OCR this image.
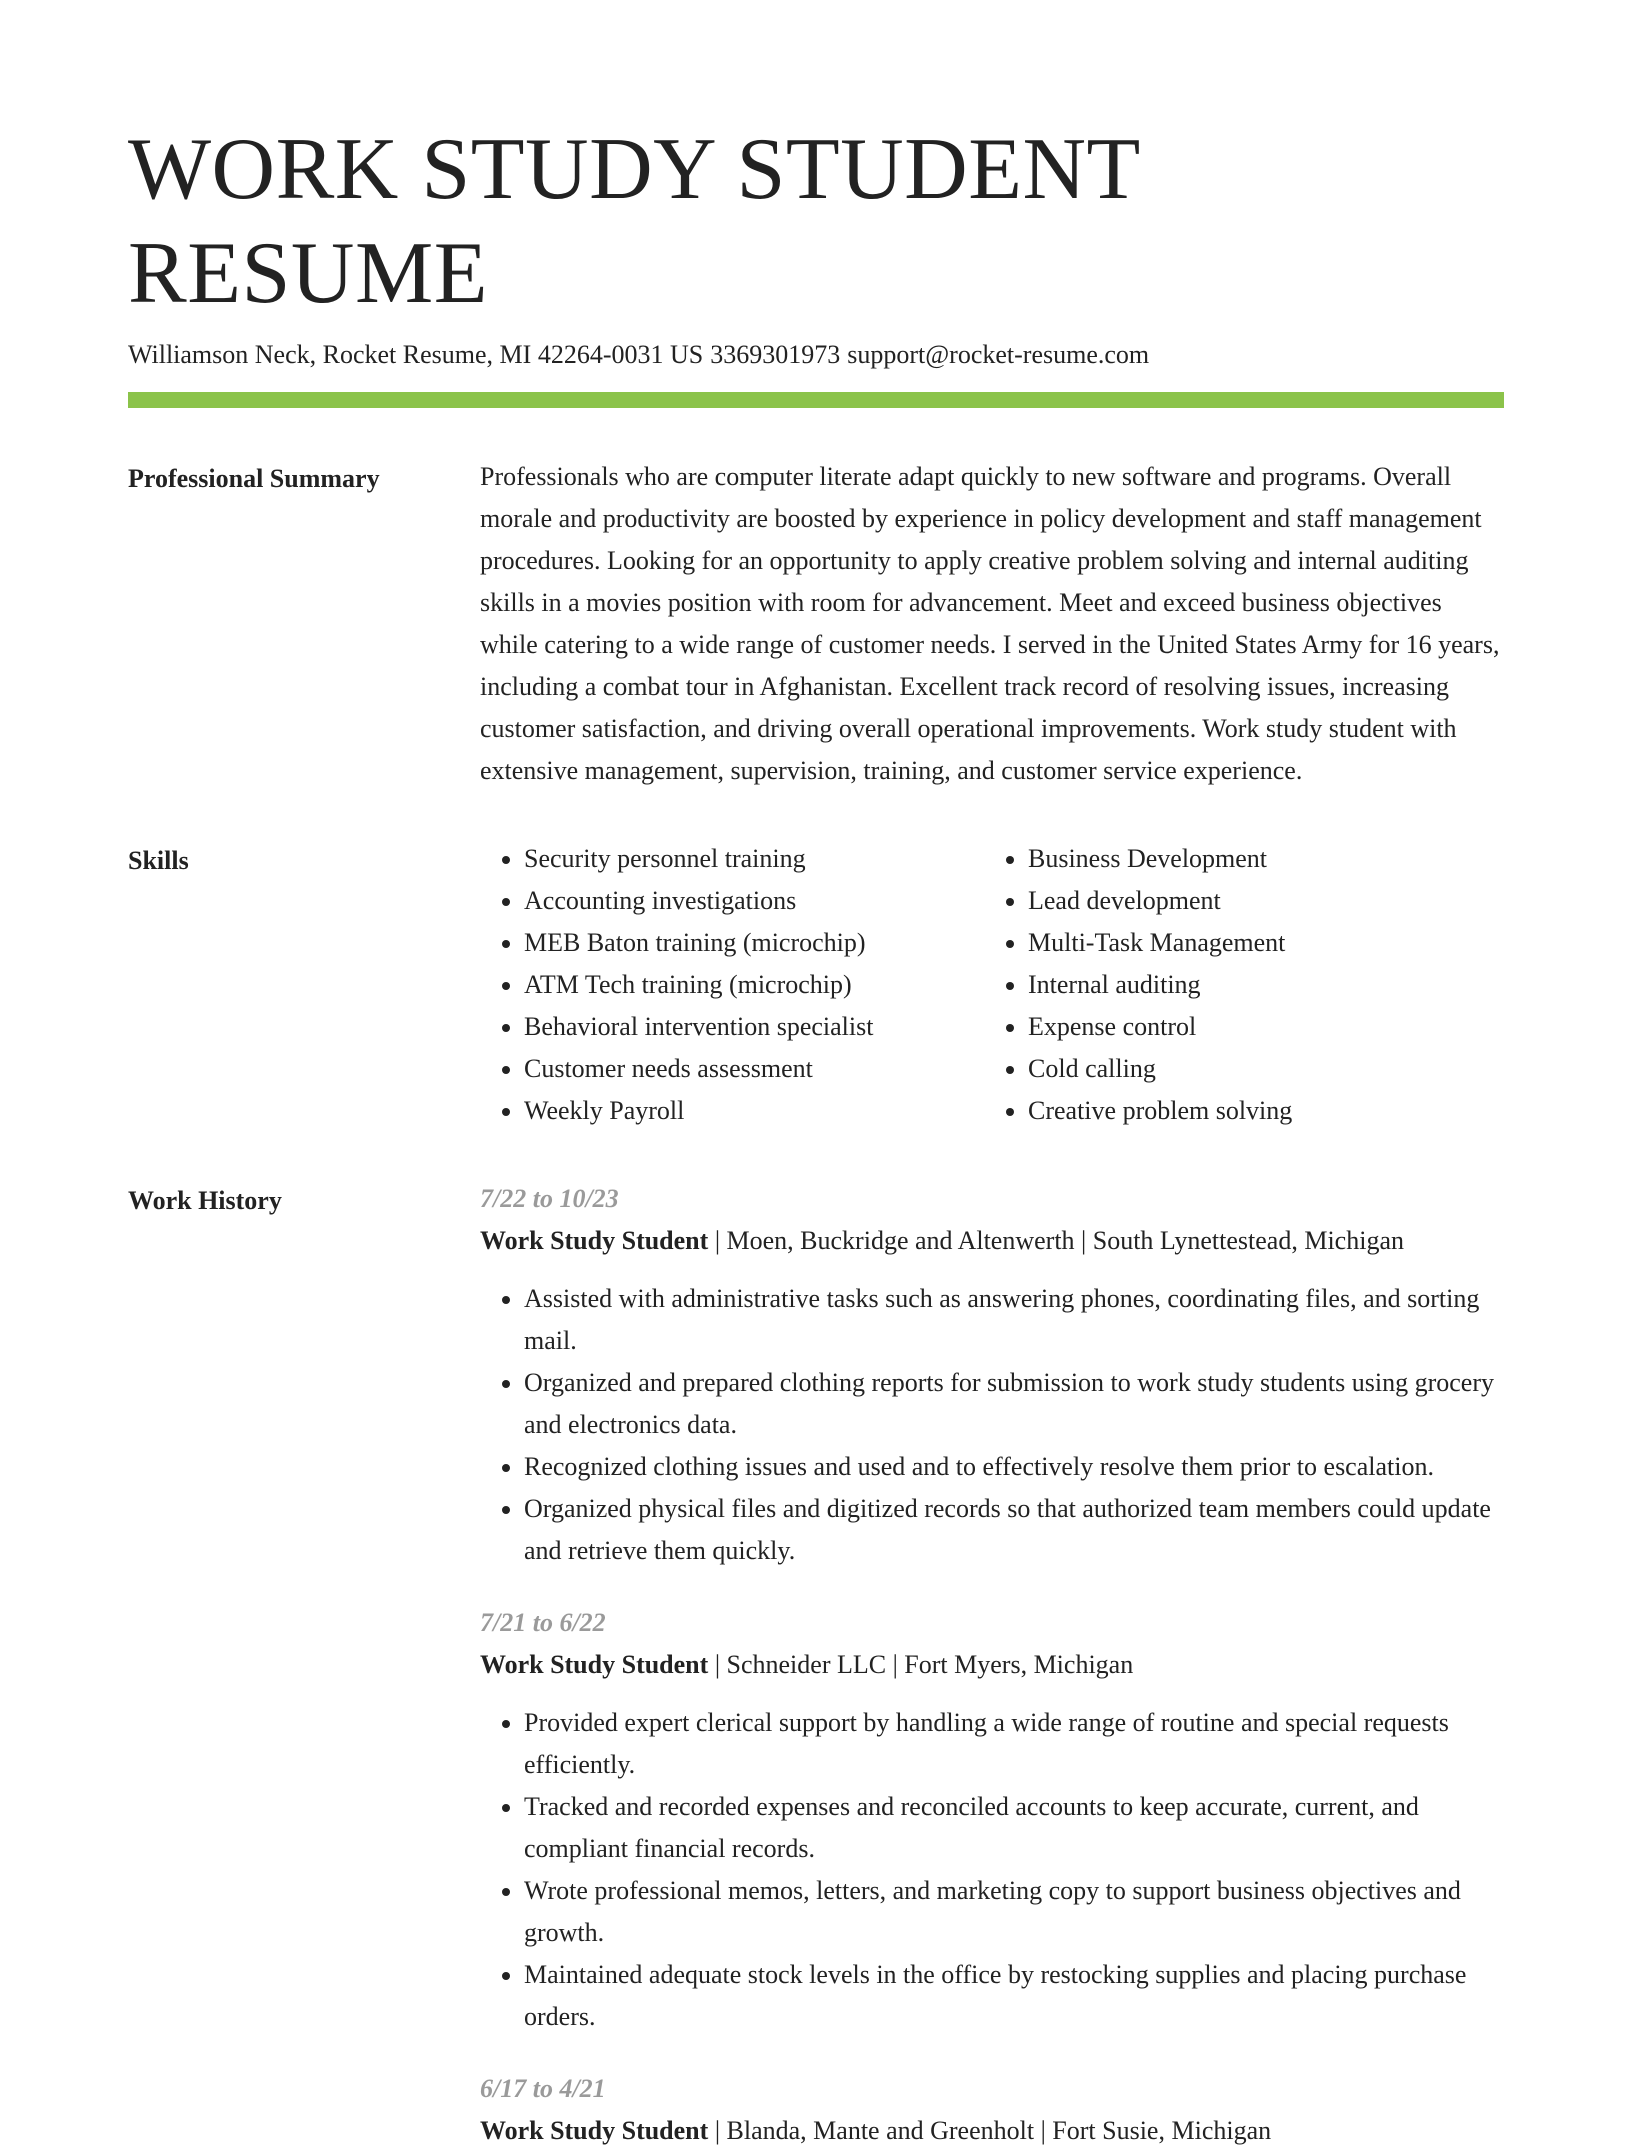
WORK STUDY STUDENT RESUME
Williamson Neck, Rocket Resume, MI 42264-0031 US 3369301973 support@rocket-resume.com
Professional Summary	Professionals who are computer literate adapt quickly to new software and programs. Overall morale and productivity are boosted by experience in policy development and staff management procedures. Looking for an opportunity to apply creative problem solving and internal auditing skills in a movies position with room for advancement. Meet and exceed business objectives while catering to a wide range of customer needs. I served in the United States Army for 16 years, including a combat tour in Afghanistan. Excellent track record of resolving issues, increasing customer satisfaction, and driving overall operational improvements. Work study student with extensive management, supervision, training, and customer service experience.

Skills
•	Security personnel training
• Accounting investigations
• MEB Baton training (microchip)
• ATM Tech training (microchip)
• Behavioral intervention specialist
• Customer needs assessment
• Weekly Payroll
• Business Development
• Lead development
• Multi-Task Management
• Internal auditing
• Expense control
• Cold calling
• Creative problem solving
Work History	7/22 to 10/23
Work Study Student | Moen, Buckridge and Altenwerth | South Lynettestead, Michigan
• Assisted with administrative tasks such as answering phones, coordinating files, and sorting mail.
• Organized and prepared clothing reports for submission to work study students using grocery and electronics data.
• Recognized clothing issues and used and to effectively resolve them prior to escalation.
• Organized physical files and digitized records so that authorized team members could update and retrieve them quickly.
7/21 to 6/22
Work Study Student | Schneider LLC | Fort Myers, Michigan
• Provided expert clerical support by handling a wide range of routine and special requests efficiently.
• Tracked and recorded expenses and reconciled accounts to keep accurate, current, and compliant financial records.
• Wrote professional memos, letters, and marketing copy to support business objectives and growth.
• Maintained adequate stock levels in the office by restocking supplies and placing purchase orders.
6/17 to 4/21
Work Study Student | Blanda, Mante and Greenholt | Fort Susie, Michigan
